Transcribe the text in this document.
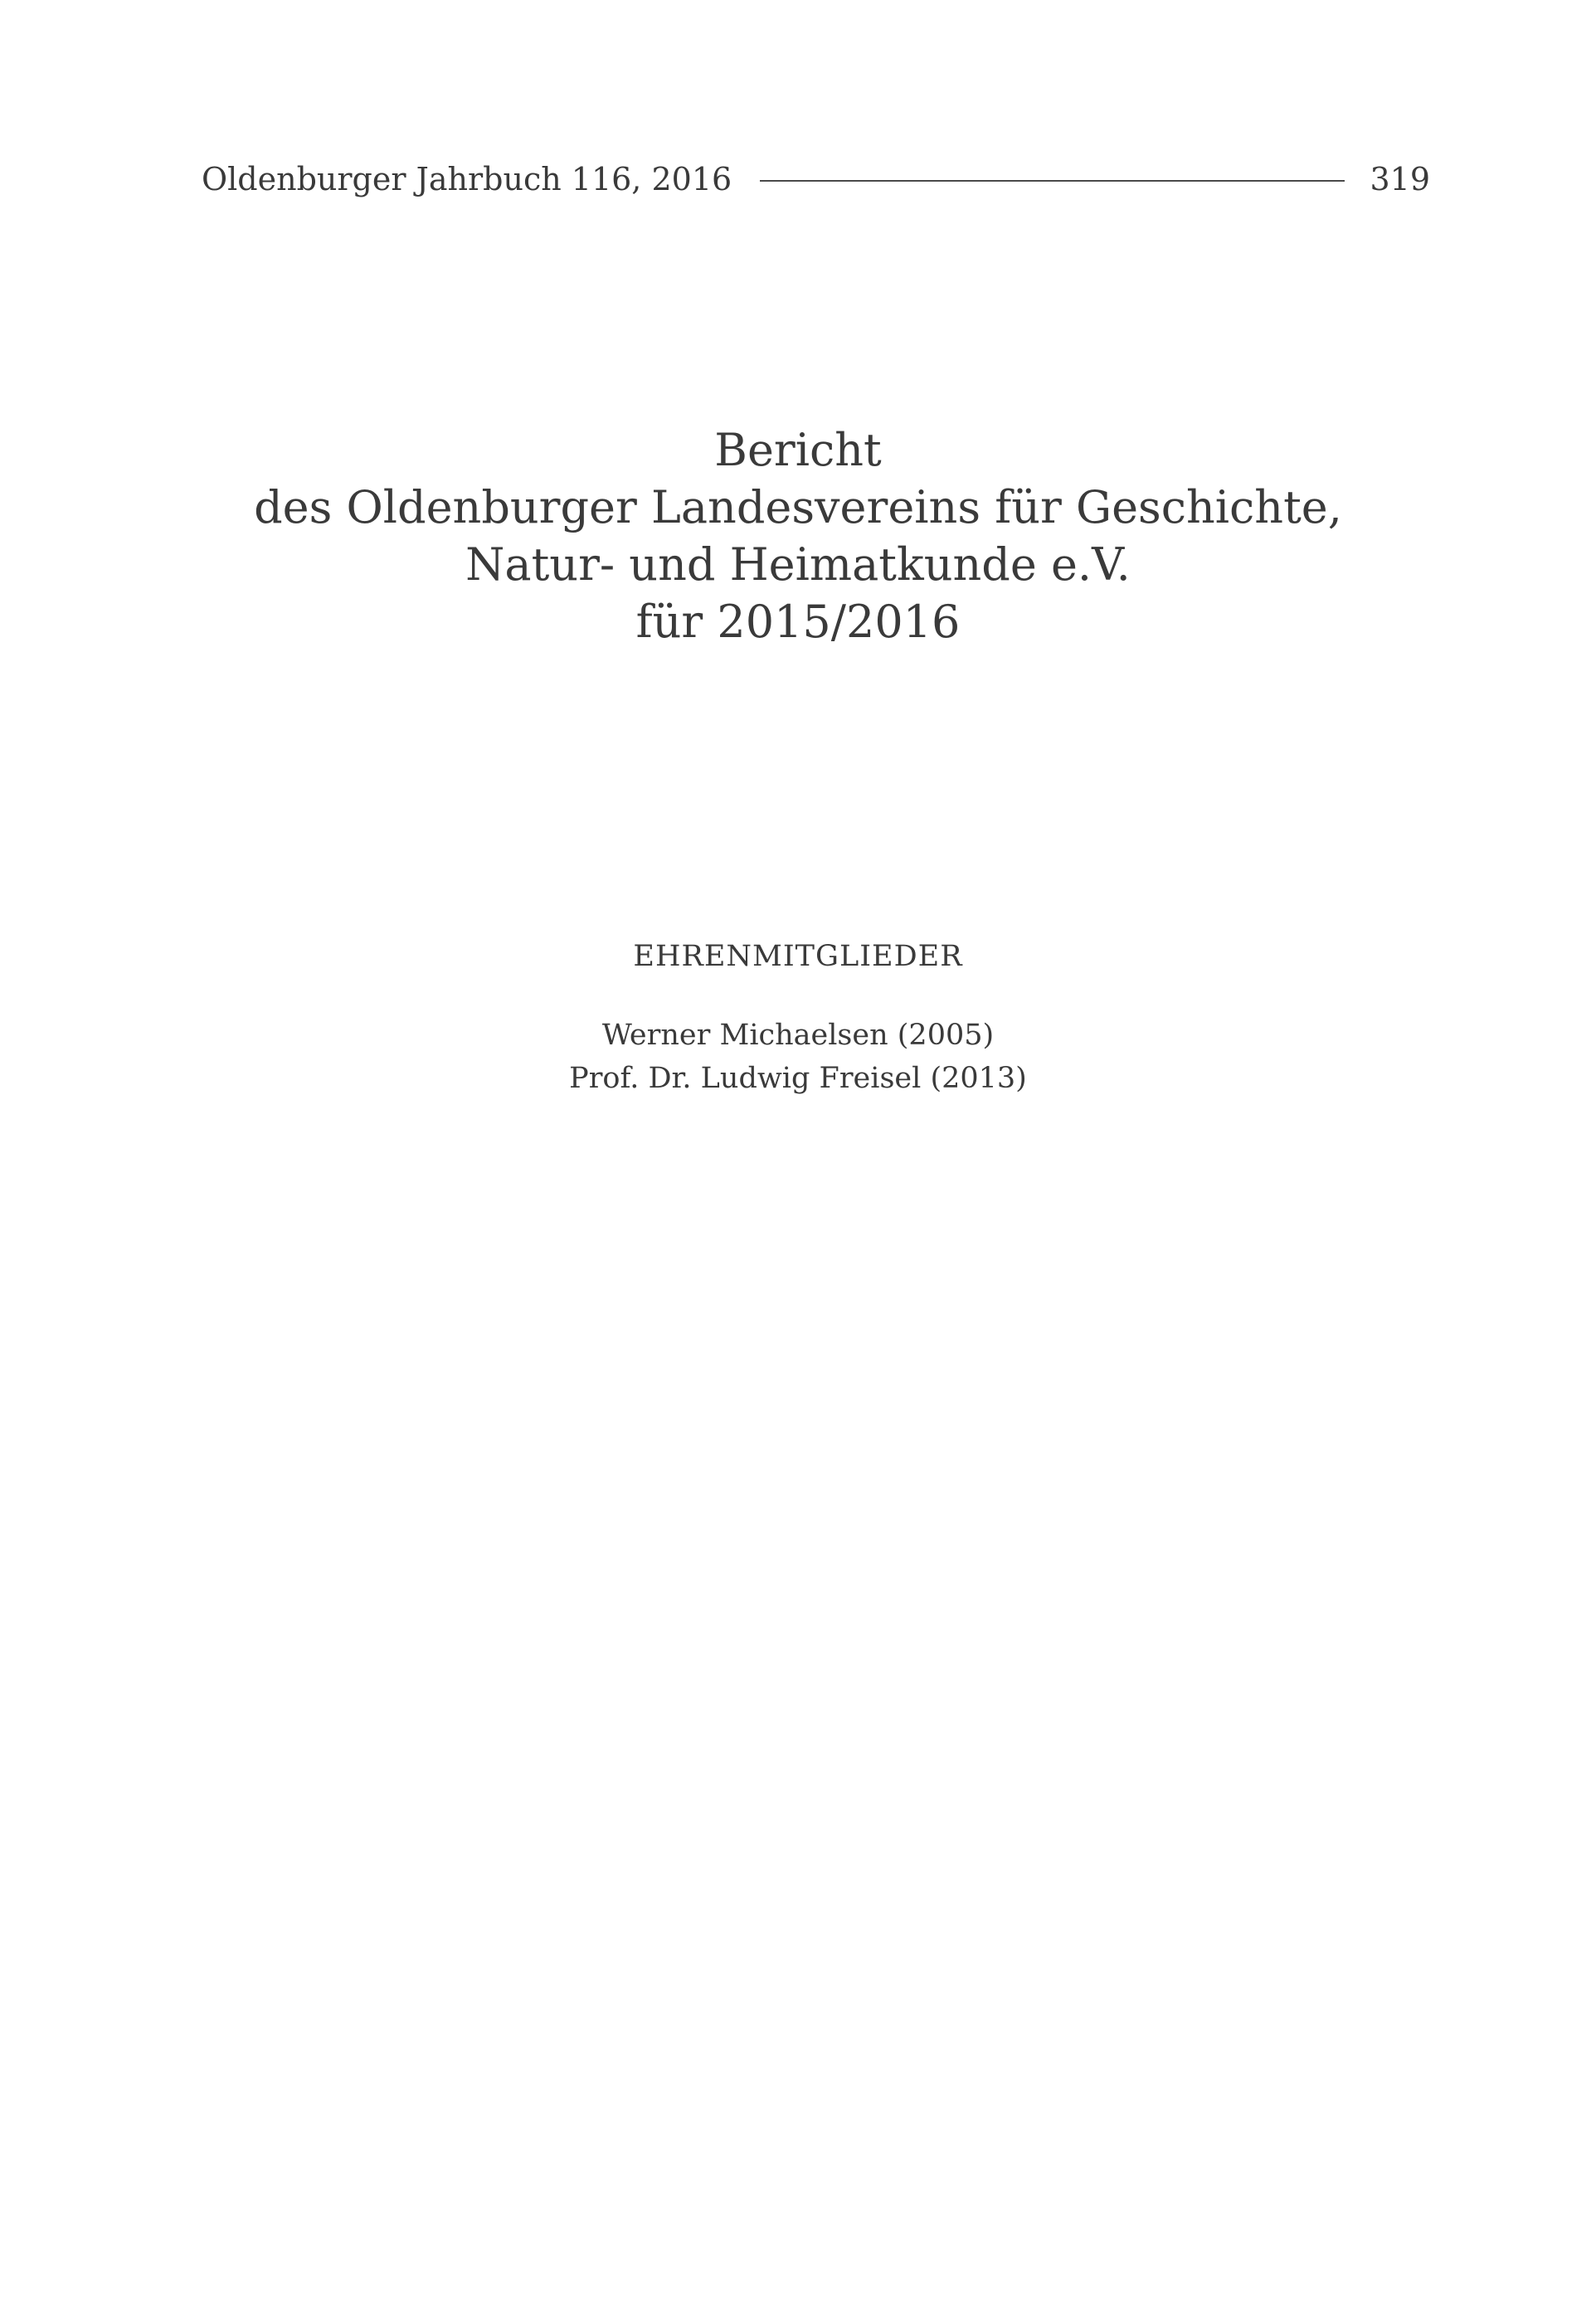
Oldenburger Jahrbuch 116, 2016	319
Bericht
des Oldenburger Landesvereins für Geschichte,
Natur- und Heimatkunde e.V.
für 2015/2016
EHRENMITGLIEDER
Werner Michaelsen (2005)
Prof. Dr. Ludwig Freisel (2013)
